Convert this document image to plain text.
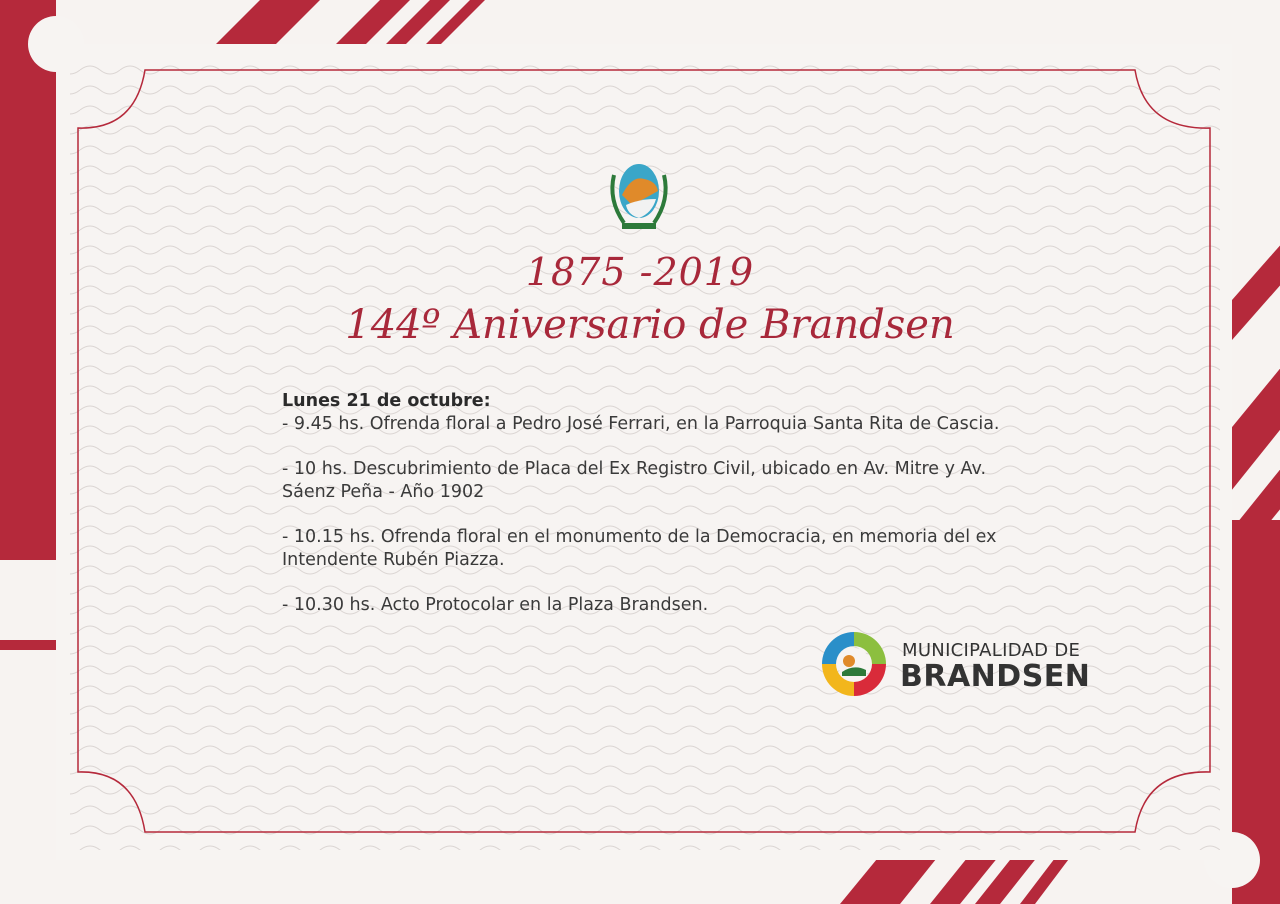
1875 -2019
144º Aniversario de Brandsen
Lunes 21 de octubre:
- 9.45 hs. Ofrenda floral a Pedro José Ferrari, en la Parroquia Santa Rita de Cascia.
- 10 hs. Descubrimiento de Placa del Ex Registro Civil, ubicado en Av. Mitre y Av. Sáenz Peña - Año 1902
- 10.15 hs. Ofrenda floral en el monumento de la Democracia, en memoria del ex Intendente Rubén Piazza.
- 10.30 hs. Acto Protocolar en la Plaza Brandsen.
MUNICIPALIDAD DE
BRANDSEN
